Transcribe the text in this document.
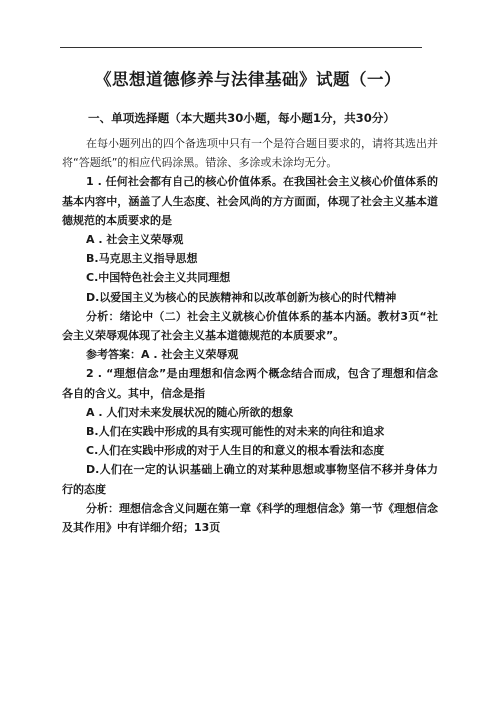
《思想道德修养与法律基础》试题（一）
一、单项选择题（本大题共30小题，每小题1分，共30分）

在每小题列出的四个备选项中只有一个是符合题目要求的，请将其选出并将“答题纸”的相应代码涂黑。错涂、多涂或未涂均无分。

1 . 任何社会都有自己的核心价值体系。在我国社会主义核心价值体系的基本内容中，涵盖了人生态度、社会风尚的方方面面，体现了社会主义基本道德规范的本质要求的是

A . 社会主义荣辱观

B.马克思主义指导思想

C.中国特色社会主义共同理想

D.以爱国主义为核心的民族精神和以改革创新为核心的时代精神

分析：绪论中（二）社会主义就核心价值体系的基本内涵。教材3页“社会主义荣辱观体现了社会主义基本道德规范的本质要求”。

参考答案：A . 社会主义荣辱观

2 . “理想信念”是由理想和信念两个概念结合而成，包含了理想和信念各自的含义。其中，信念是指

A . 人们对未来发展状况的随心所欲的想象

B.人们在实践中形成的具有实现可能性的对未来的向往和追求

C.人们在实践中形成的对于人生目的和意义的根本看法和态度

D.人们在一定的认识基础上确立的对某种思想或事物坚信不移并身体力行的态度

分析：理想信念含义问题在第一章《科学的理想信念》第一节《理想信念及其作用》中有详细介绍；13页
